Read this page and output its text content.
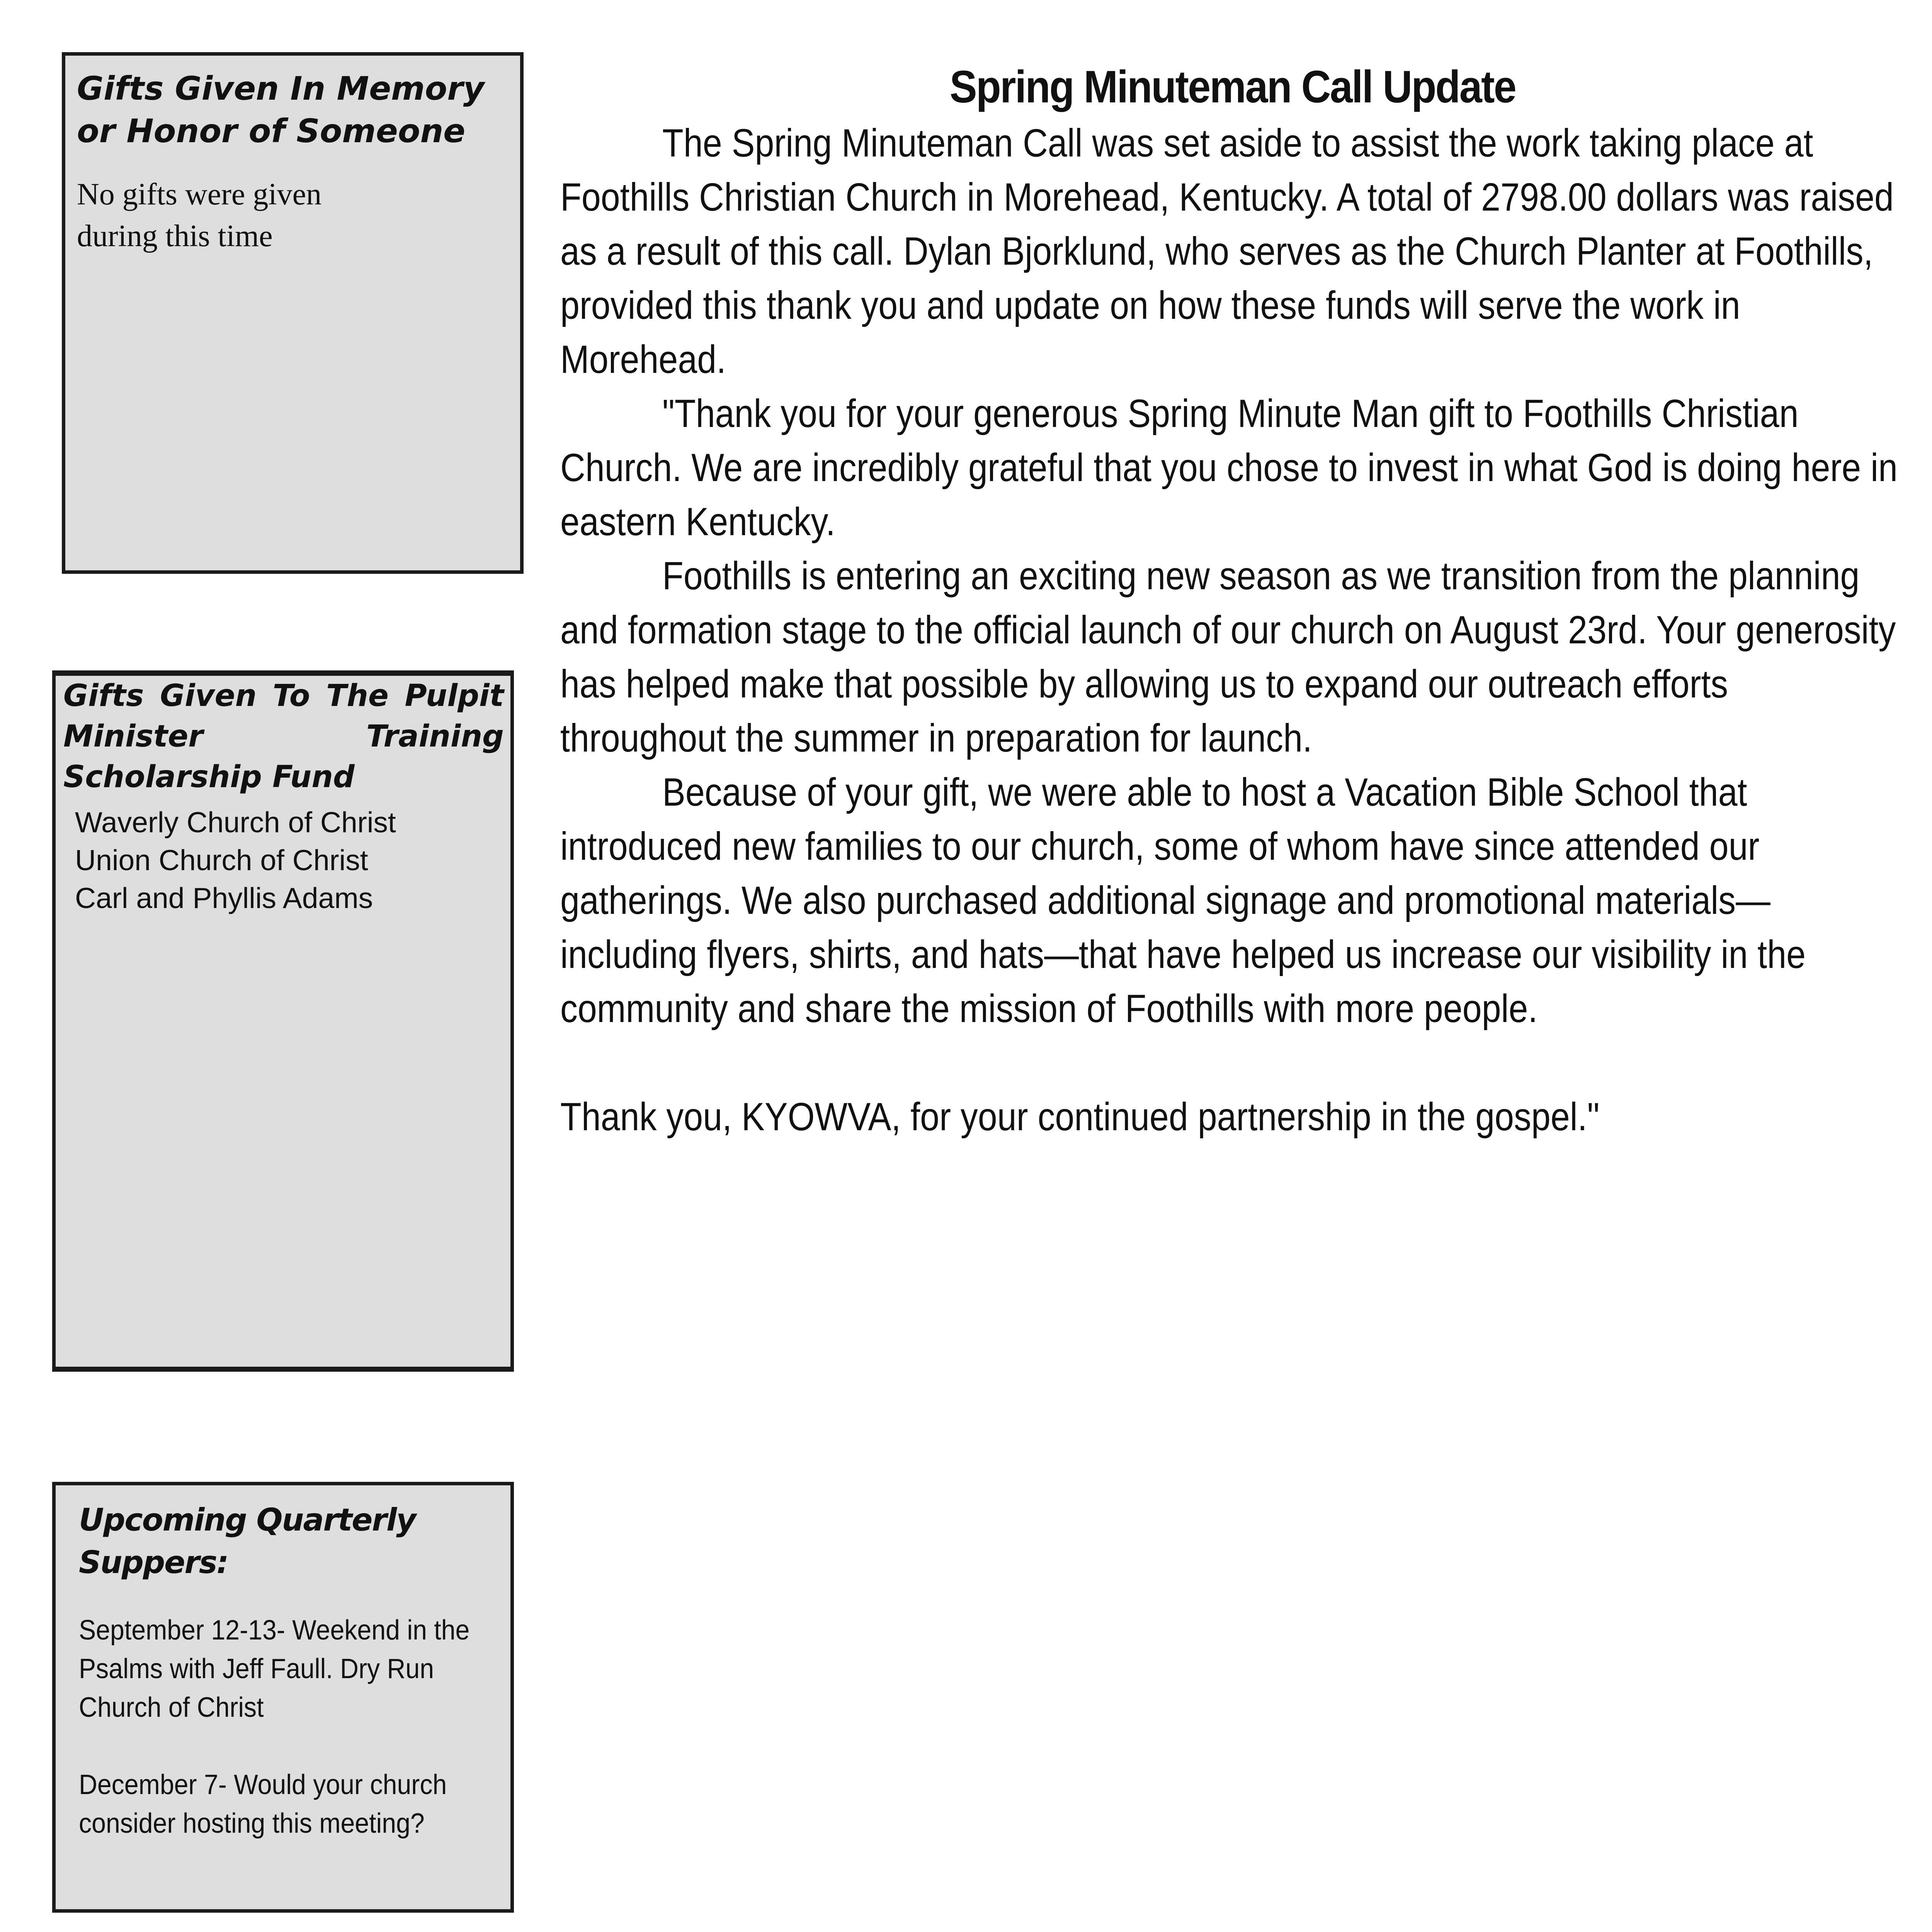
Gifts Given In Memory or Honor of Someone
No gifts were given
during this time
Gifts Given To The Pulpit Minister Training Scholarship Fund
Waverly Church of Christ
Union Church of Christ
Carl and Phyllis Adams
Upcoming Quarterly Suppers:

September 12-13- Weekend in the Psalms with Jeff Faull. Dry Run Church of Christ

December 7- Would your church consider hosting this meeting?

Spring Minuteman Call Update

The Spring Minuteman Call was set aside to assist the work taking place at Foothills Christian Church in Morehead, Kentucky. A total of 2798.00 dollars was raised as a result of this call. Dylan Bjorklund, who serves as the Church Planter at Foothills, provided this thank you and update on how these funds will serve the work in Morehead.

"Thank you for your generous Spring Minute Man gift to Foothills Christian Church. We are incredibly grateful that you chose to invest in what God is doing here in eastern Kentucky.

Foothills is entering an exciting new season as we transition from the planning and formation stage to the official launch of our church on August 23rd. Your generosity has helped make that possible by allowing us to expand our outreach efforts throughout the summer in preparation for launch.

Because of your gift, we were able to host a Vacation Bible School that introduced new families to our church, some of whom have since attended our gatherings. We also purchased additional signage and promotional materials—including flyers, shirts, and hats—that have helped us increase our visibility in the community and share the mission of Foothills with more people.

Thank you, KYOWVA, for your continued partnership in the gospel."
